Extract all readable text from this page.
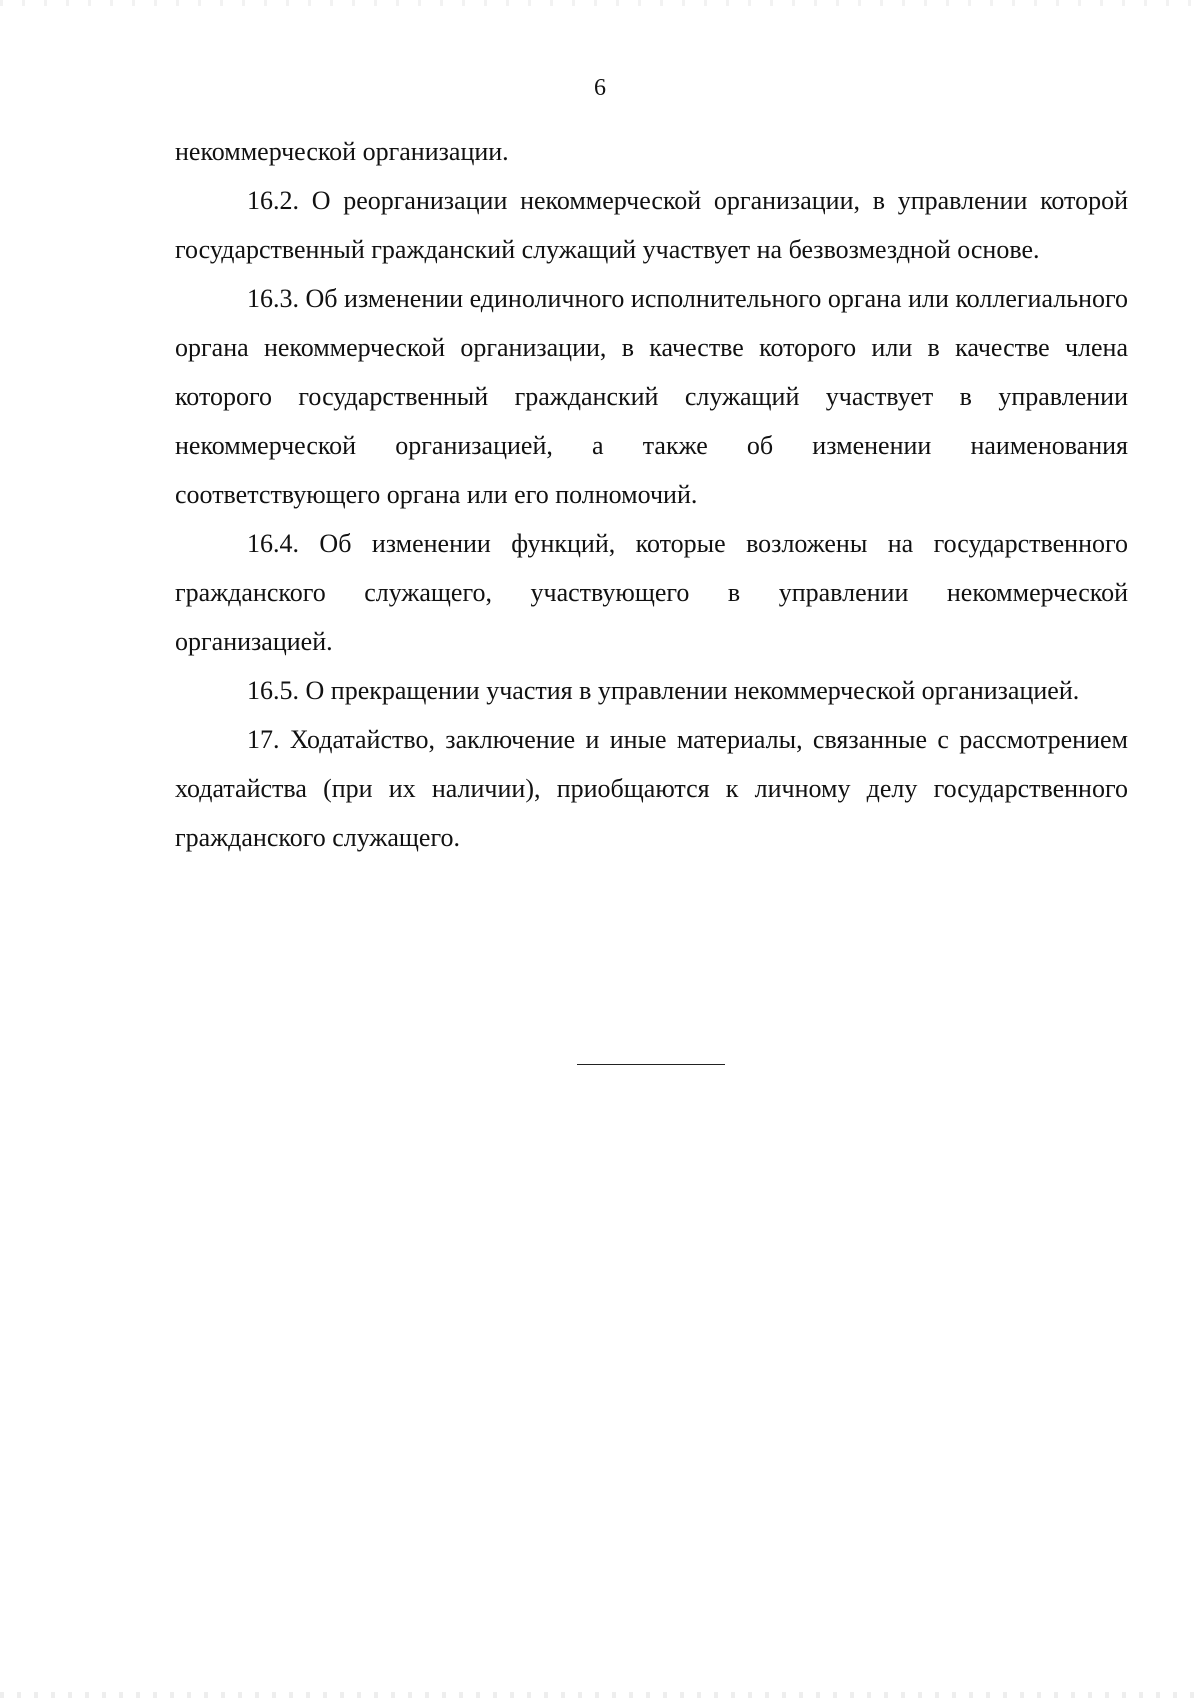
6

некоммерческой организации.

16.2. О реорганизации некоммерческой организации, в управлении которой государственный гражданский служащий участвует на безвозмездной основе.

16.3. Об изменении единоличного исполнительного органа или коллегиального органа некоммерческой организации, в качестве которого или в качестве члена которого государственный гражданский служащий участвует в управлении некоммерческой организацией, а также об изменении наименования соответствующего органа или его полномочий.

16.4. Об изменении функций, которые возложены на государственного гражданского служащего, участвующего в управлении некоммерческой организацией.

16.5. О прекращении участия в управлении некоммерческой организацией.

17. Ходатайство, заключение и иные материалы, связанные с рассмотрением ходатайства (при их наличии), приобщаются к личному делу государственного гражданского служащего.
